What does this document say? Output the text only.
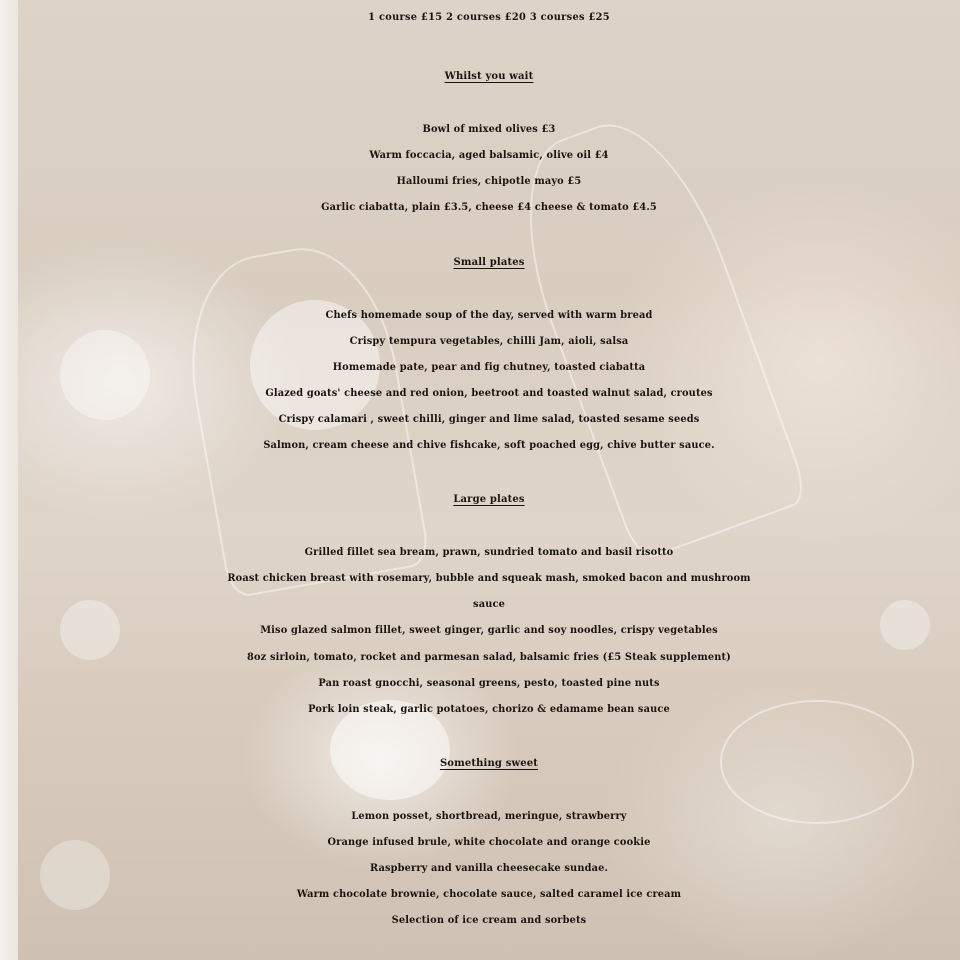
1 course £15 2 courses £20 3 courses £25
Whilst you wait
Bowl of mixed olives £3
Warm foccacia, aged balsamic, olive oil £4
Halloumi fries, chipotle mayo £5
Garlic ciabatta, plain £3.5, cheese £4 cheese & tomato £4.5
Small plates
Chefs homemade soup of the day, served with warm bread
Crispy tempura vegetables, chilli Jam, aioli, salsa
Homemade pate, pear and fig chutney, toasted ciabatta
Glazed goats' cheese and red onion, beetroot and toasted walnut salad, croutes
Crispy calamari , sweet chilli, ginger and lime salad, toasted sesame seeds
Salmon, cream cheese and chive fishcake, soft poached egg, chive butter sauce.
Large plates
Grilled fillet sea bream, prawn, sundried tomato and basil risotto
Roast chicken breast with rosemary, bubble and squeak mash, smoked bacon and mushroom
sauce
Miso glazed salmon fillet, sweet ginger, garlic and soy noodles, crispy vegetables
8oz sirloin, tomato, rocket and parmesan salad, balsamic fries (£5 Steak supplement)
Pan roast gnocchi, seasonal greens, pesto, toasted pine nuts
Pork loin steak, garlic potatoes, chorizo & edamame bean sauce
Something sweet
Lemon posset, shortbread, meringue, strawberry
Orange infused brule, white chocolate and orange cookie
Raspberry and vanilla cheesecake sundae.
Warm chocolate brownie, chocolate sauce, salted caramel ice cream
Selection of ice cream and sorbets
